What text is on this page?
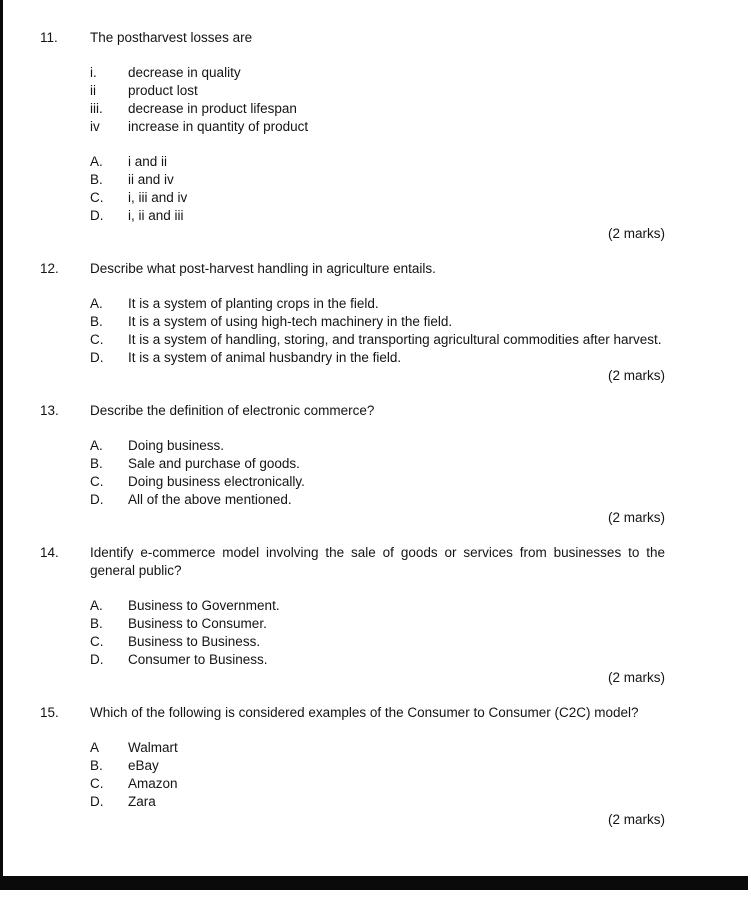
11.	The postharvest losses are
i.	decrease in quality
ii	product lost
iii.	decrease in product lifespan
iv	increase in quantity of product
A.	i and ii
B.	ii and iv
C.	i, iii and iv
D.	i, ii and iii
(2 marks)
12.	Describe what post-harvest handling in agriculture entails.
A.	It is a system of planting crops in the field.
B.	It is a system of using high-tech machinery in the field.
C.	It is a system of handling, storing, and transporting agricultural commodities after harvest.
D.	It is a system of animal husbandry in the field.
(2 marks)
13.	Describe the definition of electronic commerce?
A.	Doing business.
B.	Sale and purchase of goods.
C.	Doing business electronically.
D.	All of the above mentioned.
(2 marks)
14.	Identify e-commerce model involving the sale of goods or services from businesses to the general public?
A.	Business to Government.
B.	Business to Consumer.
C.	Business to Business.
D.	Consumer to Business.
(2 marks)
15.	Which of the following is considered examples of the Consumer to Consumer (C2C) model?
A	Walmart
B.	eBay
C.	Amazon
D.	Zara
(2 marks)
